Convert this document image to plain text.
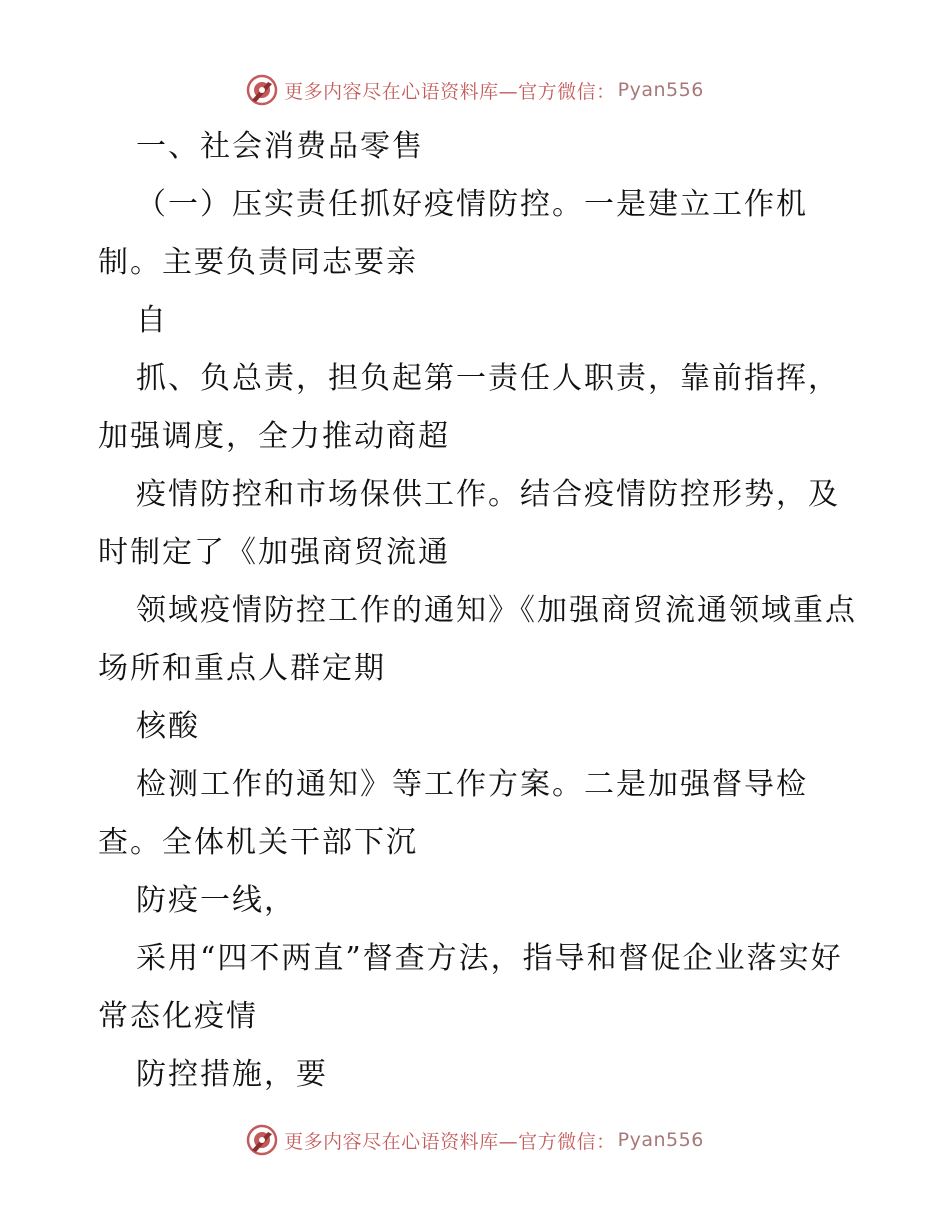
更多内容尽在心语资料库—官方微信： Pyan556

一、社会消费品零售

（一）压实责任抓好疫情防控。一是建立工作机制。主要负责同志要亲

自

抓、负总责，担负起第一责任人职责，靠前指挥，加强调度，全力推动商超

疫情防控和市场保供工作。结合疫情防控形势，及时制定了《加强商贸流通

领域疫情防控工作的通知》《加强商贸流通领域重点场所和重点人群定期

核酸

检测工作的通知》等工作方案。二是加强督导检查。全体机关干部下沉

防疫一线，

采用“四不两直”督查方法，指导和督促企业落实好常态化疫情

防控措施，要

更多内容尽在心语资料库—官方微信： Pyan556
